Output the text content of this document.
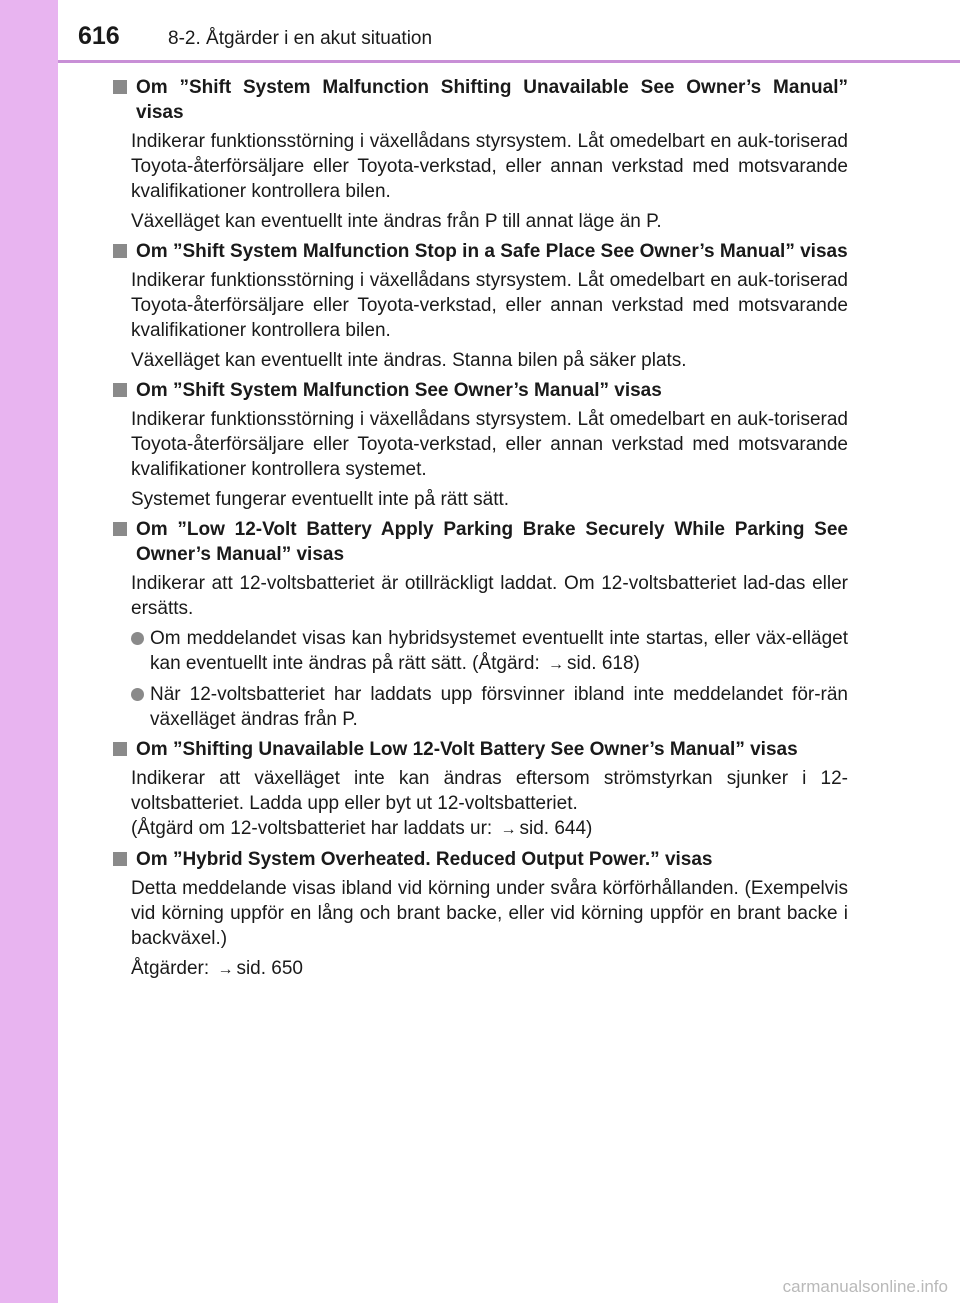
616	8-2. Åtgärder i en akut situation
Om ”Shift System Malfunction Shifting Unavailable See Owner’s Manual” visas

Indikerar funktionsstörning i växellådans styrsystem. Låt omedelbart en auk-toriserad Toyota-återförsäljare eller Toyota-verkstad, eller annan verkstad med motsvarande kvalifikationer kontrollera bilen.

Växelläget kan eventuellt inte ändras från P till annat läge än P.

Om ”Shift System Malfunction Stop in a Safe Place See Owner’s Manual” visas

Indikerar funktionsstörning i växellådans styrsystem. Låt omedelbart en auk-toriserad Toyota-återförsäljare eller Toyota-verkstad, eller annan verkstad med motsvarande kvalifikationer kontrollera bilen.

Växelläget kan eventuellt inte ändras. Stanna bilen på säker plats.

Om ”Shift System Malfunction See Owner’s Manual” visas

Indikerar funktionsstörning i växellådans styrsystem. Låt omedelbart en auk-toriserad Toyota-återförsäljare eller Toyota-verkstad, eller annan verkstad med motsvarande kvalifikationer kontrollera systemet.

Systemet fungerar eventuellt inte på rätt sätt.

Om ”Low 12-Volt Battery Apply Parking Brake Securely While Parking See Owner’s Manual” visas

Indikerar att 12-voltsbatteriet är otillräckligt laddat. Om 12-voltsbatteriet lad-das eller ersätts.

Om meddelandet visas kan hybridsystemet eventuellt inte startas, eller väx-elläget kan eventuellt inte ändras på rätt sätt. (Åtgärd: → sid. 618)
När 12-voltsbatteriet har laddats upp försvinner ibland inte meddelandet för-rän växelläget ändras från P.
Om ”Shifting Unavailable Low 12-Volt Battery See Owner’s Manual” visas

Indikerar att växelläget inte kan ändras eftersom strömstyrkan sjunker i 12-voltsbatteriet. Ladda upp eller byt ut 12-voltsbatteriet.

(Åtgärd om 12-voltsbatteriet har laddats ur: → sid. 644)

Om ”Hybrid System Overheated. Reduced Output Power.” visas

Detta meddelande visas ibland vid körning under svåra körförhållanden. (Exempelvis vid körning uppför en lång och brant backe, eller vid körning uppför en brant backe i backväxel.)

Åtgärder: → sid. 650

carmanualsonline.info
